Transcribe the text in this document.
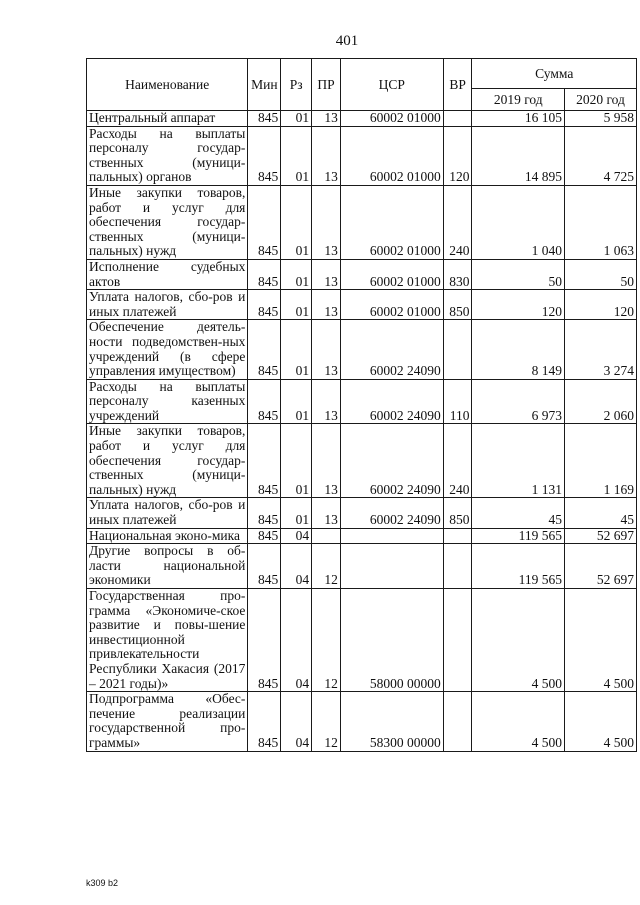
401
Наименование	Мин	Рз	ПР	ЦСР	ВР	Сумма	
						2019 год	2020 год
Центральный аппарат	845	01	13	60002 01000		16 105	5 958
Расходы на выплаты персоналу государ-ственных (муници-пальных) органов	845	01	13	60002 01000	120	14 895	4 725
Иные закупки товаров, работ и услуг для обеспечения государ-ственных (муници-пальных) нужд	845	01	13	60002 01000	240	1 040	1 063
Исполнение судебных актов	845	01	13	60002 01000	830	50	50
Уплата налогов, сбо-ров и иных платежей	845	01	13	60002 01000	850	120	120
Обеспечение деятель-ности подведомствен-ных учреждений (в сфере управления имуществом)	845	01	13	60002 24090		8 149	3 274
Расходы на выплаты персоналу казенных учреждений	845	01	13	60002 24090	110	6 973	2 060
Иные закупки товаров, работ и услуг для обеспечения государ-ственных (муници-пальных) нужд	845	01	13	60002 24090	240	1 131	1 169
Уплата налогов, сбо-ров и иных платежей	845	01	13	60002 24090	850	45	45
Национальная эконо-мика	845	04				119 565	52 697
Другие вопросы в об-ласти национальной экономики	845	04	12			119 565	52 697
Государственная про-грамма «Экономиче-ское развитие и повы-шение инвестиционной привлекательности Республики Хакасия (2017 – 2021 годы)»	845	04	12	58000 00000		4 500	4 500
Подпрограмма «Обес-печение реализации государственной про-граммы»	845	04	12	58300 00000		4 500	4 500
k309 b2
